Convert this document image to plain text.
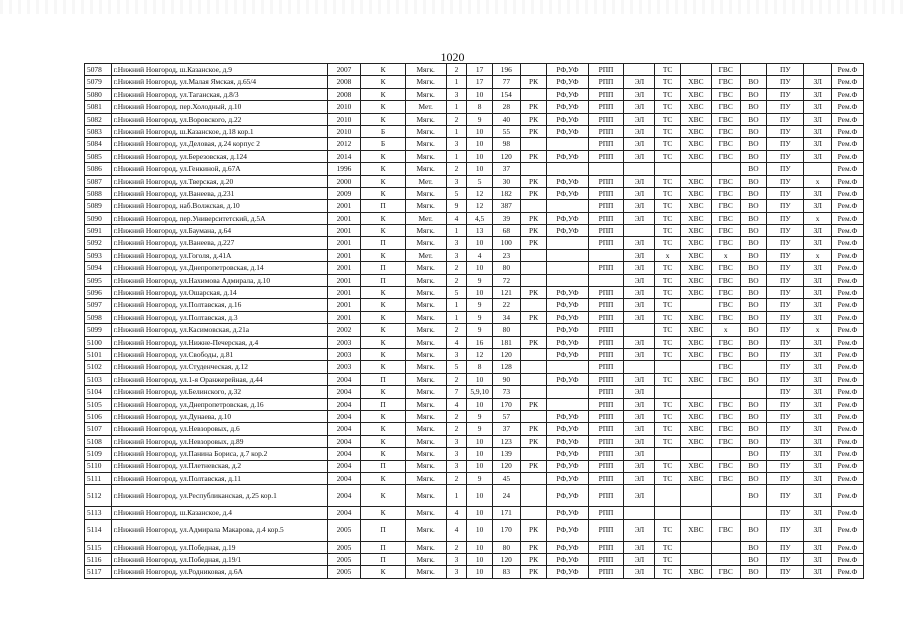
1020
5078	г.Нижний Новгород, ш.Казанское, д.9	2007	К	Мягк.	2	17	196		РФ,УФ	РПП		ТС		ГВС		ПУ		Рем.Ф
5079	г.Нижний Новгород, ул.Малая Ямская, д.65/4	2008	К	Мягк.	1	17	77	РК	РФ,УФ	РПП	ЭЛ	ТС	ХВС	ГВС	ВО	ПУ	ЗЛ	Рем.Ф
5080	г.Нижний Новгород, ул.Таганская, д.8/3	2008	К	Мягк.	3	10	154		РФ,УФ	РПП	ЭЛ	ТС	ХВС	ГВС	ВО	ПУ	ЗЛ	Рем.Ф
5081	г.Нижний Новгород, пер.Холодный, д.10	2010	К	Мет.	1	8	28	РК	РФ,УФ	РПП	ЭЛ	ТС	ХВС	ГВС	ВО	ПУ	ЗЛ	Рем.Ф
5082	г.Нижний Новгород, ул.Воровского, д.22	2010	К	Мягк.	2	9	40	РК	РФ,УФ	РПП	ЭЛ	ТС	ХВС	ГВС	ВО	ПУ	ЗЛ	Рем.Ф
5083	г.Нижний Новгород, ш.Казанское, д.18 кор.1	2010	Б	Мягк.	1	10	55	РК	РФ,УФ	РПП	ЭЛ	ТС	ХВС	ГВС	ВО	ПУ	ЗЛ	Рем.Ф
5084	г.Нижний Новгород, ул.Деловая, д.24 корпус 2	2012	Б	Мягк.	3	10	98			РПП	ЭЛ	ТС	ХВС	ГВС	ВО	ПУ	ЗЛ	Рем.Ф
5085	г.Нижний Новгород, ул.Березовская, д.124	2014	К	Мягк.	1	10	120	РК	РФ,УФ	РПП	ЭЛ	ТС	ХВС	ГВС	ВО	ПУ	ЗЛ	Рем.Ф
5086	г.Нижний Новгород, ул.Генкиной, д.67А	1996	К	Мягк.	2	10	37								ВО	ПУ		Рем.Ф
5087	г.Нижний Новгород, ул.Тверская, д.20	2000	К	Мет.	3	5	30	РК	РФ,УФ	РПП	ЭЛ	ТС	ХВС	ГВС	ВО	ПУ	х	Рем.Ф
5088	г.Нижний Новгород, ул.Ванеева, д.231	2009	К	Мягк.	5	12	182	РК	РФ,УФ	РПП	ЭЛ	ТС	ХВС	ГВС	ВО	ПУ	ЗЛ	Рем.Ф
5089	г.Нижний Новгород, наб.Волжская, д.10	2001	П	Мягк.	9	12	387			РПП	ЭЛ	ТС	ХВС	ГВС	ВО	ПУ	ЗЛ	Рем.Ф
5090	г.Нижний Новгород, пер.Университетский, д.5А	2001	К	Мет.	4	4,5	39	РК	РФ,УФ	РПП	ЭЛ	ТС	ХВС	ГВС	ВО	ПУ	х	Рем.Ф
5091	г.Нижний Новгород, ул.Баумана, д.64	2001	К	Мягк.	1	13	68	РК	РФ,УФ	РПП		ТС	ХВС	ГВС	ВО	ПУ	ЗЛ	Рем.Ф
5092	г.Нижний Новгород, ул.Ванеева, д.227	2001	П	Мягк.	3	10	100	РК		РПП	ЭЛ	ТС	ХВС	ГВС	ВО	ПУ	ЗЛ	Рем.Ф
5093	г.Нижний Новгород, ул.Гоголя, д.41А	2001	К	Мет.	3	4	23				ЭЛ	х	ХВС	х	ВО	ПУ	х	Рем.Ф
5094	г.Нижний Новгород, ул.Днепропетровская, д.14	2001	П	Мягк.	2	10	80			РПП	ЭЛ	ТС	ХВС	ГВС	ВО	ПУ	ЗЛ	Рем.Ф
5095	г.Нижний Новгород, ул.Нахимова Адмирала, д.10	2001	П	Мягк.	2	9	72				ЭЛ	ТС	ХВС	ГВС	ВО	ПУ	ЗЛ	Рем.Ф
5096	г.Нижний Новгород, ул.Ошарская, д.14	2001	К	Мягк.	5	10	121	РК	РФ,УФ	РПП	ЭЛ	ТС	ХВС	ГВС	ВО	ПУ	ЗЛ	Рем.Ф
5097	г.Нижний Новгород, ул.Полтавская, д.16	2001	К	Мягк.	1	9	22		РФ,УФ	РПП	ЭЛ	ТС		ГВС	ВО	ПУ	ЗЛ	Рем.Ф
5098	г.Нижний Новгород, ул.Полтавская, д.3	2001	К	Мягк.	1	9	34	РК	РФ,УФ	РПП	ЭЛ	ТС	ХВС	ГВС	ВО	ПУ	ЗЛ	Рем.Ф
5099	г.Нижний Новгород, ул.Касимовская, д.21а	2002	К	Мягк.	2	9	80		РФ,УФ	РПП		ТС	ХВС	х	ВО	ПУ	х	Рем.Ф
5100	г.Нижний Новгород, ул.Нижне-Печерская, д.4	2003	К	Мягк.	4	16	181	РК	РФ,УФ	РПП	ЭЛ	ТС	ХВС	ГВС	ВО	ПУ	ЗЛ	Рем.Ф
5101	г.Нижний Новгород, ул.Свободы, д.81	2003	К	Мягк.	3	12	120		РФ,УФ	РПП	ЭЛ	ТС	ХВС	ГВС	ВО	ПУ	ЗЛ	Рем.Ф
5102	г.Нижний Новгород, ул.Студенческая, д.12	2003	К	Мягк.	5	8	128			РПП				ГВС		ПУ	ЗЛ	Рем.Ф
5103	г.Нижний Новгород, ул.1-я Оранжерейная, д.44	2004	П	Мягк.	2	10	90		РФ,УФ	РПП	ЭЛ	ТС	ХВС	ГВС	ВО	ПУ	ЗЛ	Рем.Ф
5104	г.Нижний Новгород, ул.Белинского, д.32	2004	К	Мягк.	7	5,9,10	73			РПП	ЭЛ					ПУ	ЗЛ	Рем.Ф
5105	г.Нижний Новгород, ул.Днепропетровская, д.16	2004	П	Мягк.	4	10	170	РК		РПП	ЭЛ	ТС	ХВС	ГВС	ВО	ПУ	ЗЛ	Рем.Ф
5106	г.Нижний Новгород, ул.Дунаева, д.10	2004	К	Мягк.	2	9	57		РФ,УФ	РПП	ЭЛ	ТС	ХВС	ГВС	ВО	ПУ	ЗЛ	Рем.Ф
5107	г.Нижний Новгород, ул.Невзоровых, д.6	2004	К	Мягк.	2	9	37	РК	РФ,УФ	РПП	ЭЛ	ТС	ХВС	ГВС	ВО	ПУ	ЗЛ	Рем.Ф
5108	г.Нижний Новгород, ул.Невзоровых, д.89	2004	К	Мягк.	3	10	123	РК	РФ,УФ	РПП	ЭЛ	ТС	ХВС	ГВС	ВО	ПУ	ЗЛ	Рем.Ф
5109	г.Нижний Новгород, ул.Панина Бориса, д.7 кор.2	2004	К	Мягк.	3	10	139		РФ,УФ	РПП	ЭЛ				ВО	ПУ	ЗЛ	Рем.Ф
5110	г.Нижний Новгород, ул.Плетневская, д.2	2004	П	Мягк.	3	10	120	РК	РФ,УФ	РПП	ЭЛ	ТС	ХВС	ГВС	ВО	ПУ	ЗЛ	Рем.Ф
5111	г.Нижний Новгород, ул.Полтавская, д.11	2004	К	Мягк.	2	9	45		РФ,УФ	РПП	ЭЛ	ТС	ХВС	ГВС	ВО	ПУ	ЗЛ	Рем.Ф
5112	г.Нижний Новгород, ул.Республиканская, д.25 кор.1	2004	К	Мягк.	1	10	24		РФ,УФ	РПП	ЭЛ				ВО	ПУ	ЗЛ	Рем.Ф
5113	г.Нижний Новгород, ш.Казанское, д.4	2004	К	Мягк.	4	10	171		РФ,УФ	РПП						ПУ	ЗЛ	Рем.Ф
5114	г.Нижний Новгород, ул.Адмирала Макарова, д.4 кор.5	2005	П	Мягк.	4	10	170	РК	РФ,УФ	РПП	ЭЛ	ТС	ХВС	ГВС	ВО	ПУ	ЗЛ	Рем.Ф
5115	г.Нижний Новгород, ул.Победная, д.19	2005	П	Мягк.	2	10	80	РК	РФ,УФ	РПП	ЭЛ	ТС			ВО	ПУ	ЗЛ	Рем.Ф
5116	г.Нижний Новгород, ул.Победная, д.19/1	2005	П	Мягк.	3	10	120	РК	РФ,УФ	РПП	ЭЛ	ТС			ВО	ПУ	ЗЛ	Рем.Ф
5117	г.Нижний Новгород, ул.Родниковая, д.6А	2005	К	Мягк.	3	10	83	РК	РФ,УФ	РПП	ЭЛ	ТС	ХВС	ГВС	ВО	ПУ	ЗЛ	Рем.Ф
